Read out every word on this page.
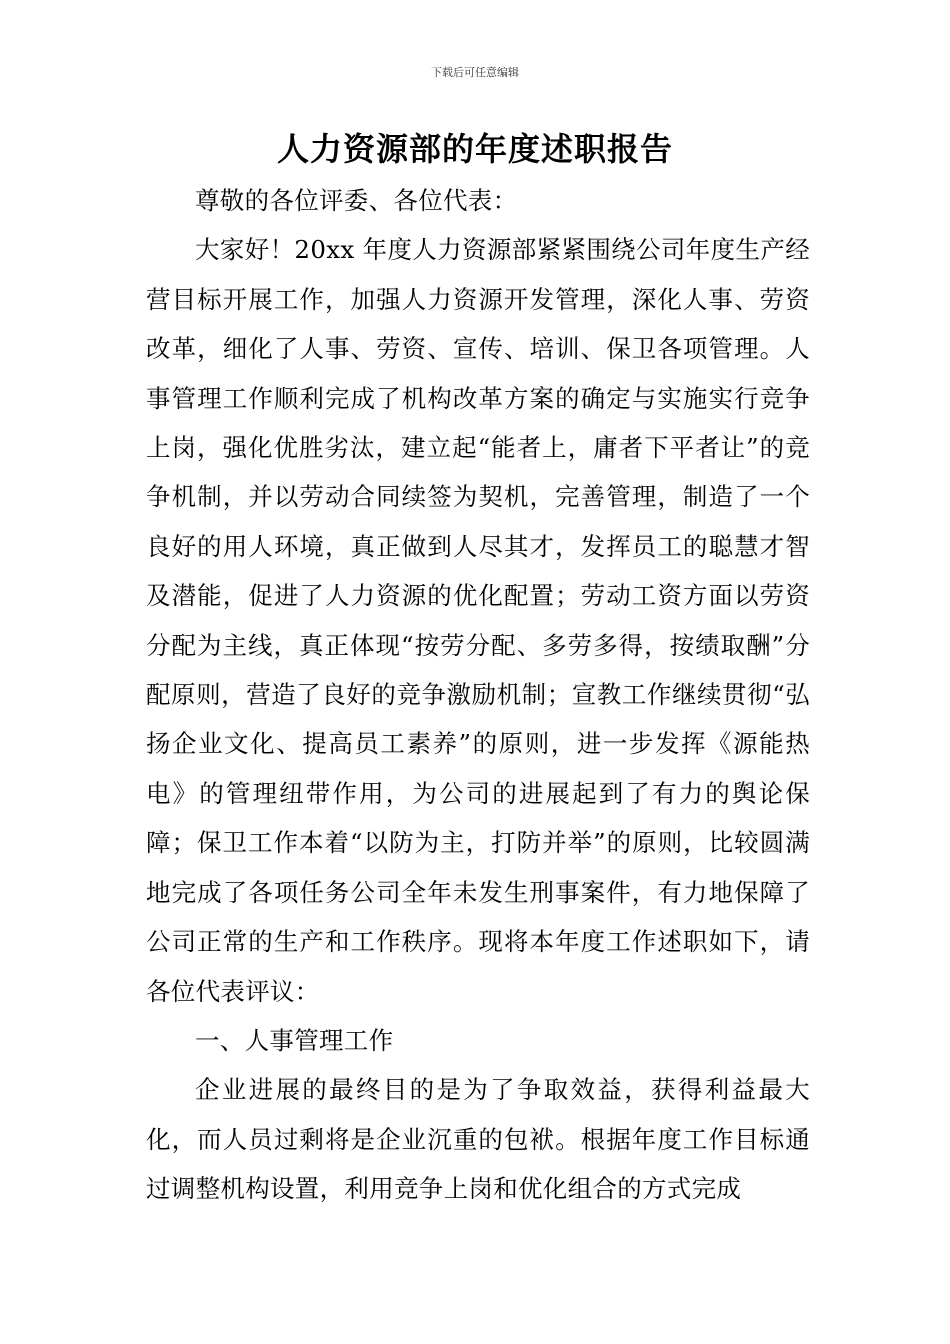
下载后可任意编辑
人力资源部的年度述职报告

尊敬的各位评委、各位代表：

大家好！20xx 年度人力资源部紧紧围绕公司年度生产经营目标开展工作，加强人力资源开发管理，深化人事、劳资改革，细化了人事、劳资、宣传、培训、保卫各项管理。人事管理工作顺利完成了机构改革方案的确定与实施实行竞争上岗，强化优胜劣汰，建立起“能者上，庸者下平者让”的竞争机制，并以劳动合同续签为契机，完善管理，制造了一个良好的用人环境，真正做到人尽其才，发挥员工的聪慧才智及潜能，促进了人力资源的优化配置；劳动工资方面以劳资分配为主线，真正体现“按劳分配、多劳多得，按绩取酬”分配原则，营造了良好的竞争激励机制；宣教工作继续贯彻“弘扬企业文化、提高员工素养”的原则，进一步发挥《源能热电》的管理纽带作用，为公司的进展起到了有力的舆论保障；保卫工作本着“以防为主，打防并举”的原则，比较圆满地完成了各项任务公司全年未发生刑事案件，有力地保障了公司正常的生产和工作秩序。现将本年度工作述职如下，请各位代表评议：

一、人事管理工作

企业进展的最终目的是为了争取效益，获得利益最大化，而人员过剩将是企业沉重的包袱。根据年度工作目标通过调整机构设置，利用竞争上岗和优化组合的方式完成
